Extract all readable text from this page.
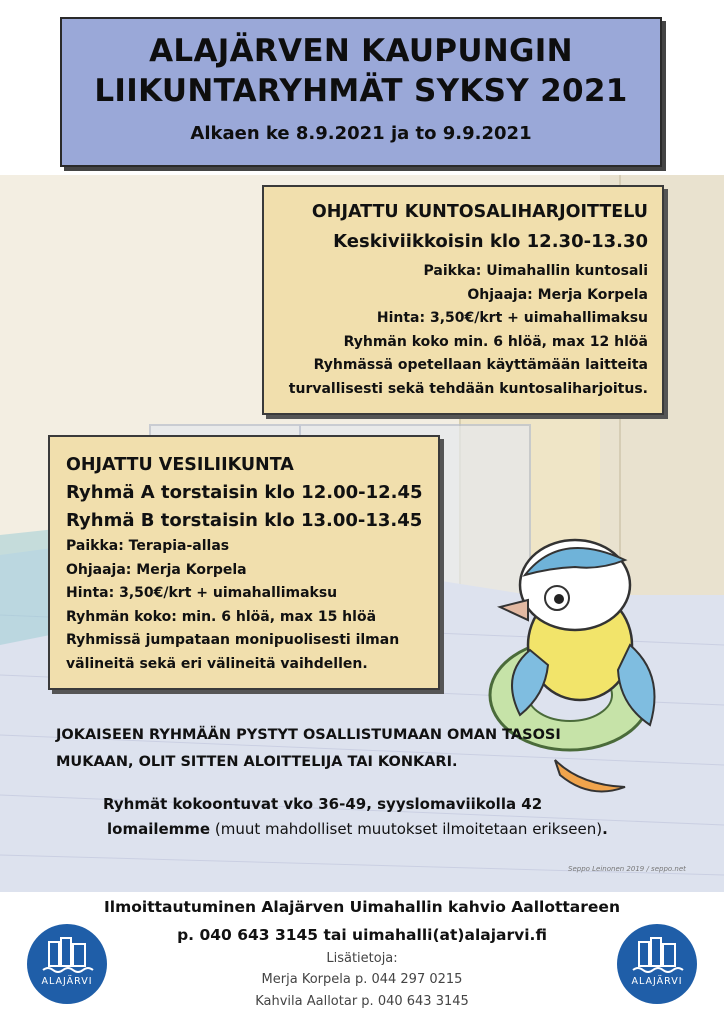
ALAJÄRVEN KAUPUNGIN
LIIKUNTARYHMÄT SYKSY 2021
Alkaen ke 8.9.2021 ja to 9.9.2021
OHJATTU KUNTOSALIHARJOITTELU
Keskiviikkoisin klo 12.30-13.30
Paikka: Uimahallin kuntosali
Ohjaaja: Merja Korpela
Hinta: 3,50€/krt + uimahallimaksu
Ryhmän koko min. 6 hlöä, max 12 hlöä
Ryhmässä opetellaan käyttämään laitteita
turvallisesti sekä tehdään kuntosaliharjoitus.
OHJATTU VESILIIKUNTA
Ryhmä A torstaisin klo 12.00-12.45
Ryhmä B torstaisin klo 13.00-13.45
Paikka: Terapia-allas
Ohjaaja: Merja Korpela
Hinta: 3,50€/krt + uimahallimaksu
Ryhmän koko: min. 6 hlöä, max 15 hlöä
Ryhmissä jumpataan monipuolisesti ilman
välineitä sekä eri välineitä vaihdellen.
JOKAISEEN RYHMÄÄN PYSTYT OSALLISTUMAAN OMAN TASOSI
MUKAAN, OLIT SITTEN ALOITTELIJA TAI KONKARI.
Ryhmät kokoontuvat vko 36-49, syyslomaviikolla 42
lomailemme (muut mahdolliset muutokset ilmoitetaan erikseen).
Seppo Leinonen 2019 / seppo.net
Ilmoittautuminen Alajärven Uimahallin kahvio Aallottareen
p. 040 643 3145 tai uimahalli(at)alajarvi.fi
Lisätietoja:
Merja Korpela p. 044 297 0215
Kahvila Aallotar p. 040 643 3145
ALAJÄRVI	ALAJÄRVI
